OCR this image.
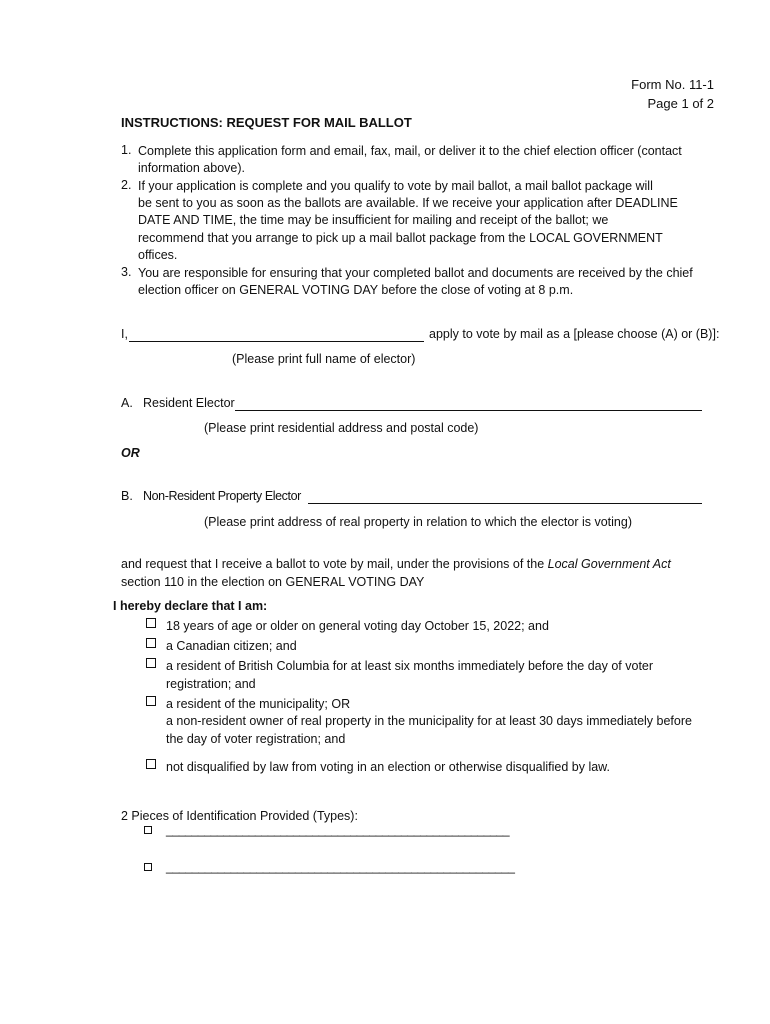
Form No. 11-1
Page 1 of 2
INSTRUCTIONS: REQUEST FOR MAIL BALLOT
1. Complete this application form and email, fax, mail, or deliver it to the chief election officer (contact
information above).
2. If your application is complete and you qualify to vote by mail ballot, a mail ballot package will
be sent to you as soon as the ballots are available. If we receive your application after DEADLINE
DATE AND TIME, the time may be insufficient for mailing and receipt of the ballot; we
recommend that you arrange to pick up a mail ballot package from the LOCAL GOVERNMENT
offices.
3. You are responsible for ensuring that your completed ballot and documents are received by the chief
election officer on GENERAL VOTING DAY before the close of voting at 8 p.m.
I,	apply to vote by mail as a [please choose (A) or (B)]:
(Please print full name of elector)
A. Resident Elector
(Please print residential address and postal code)
OR
B. Non-Resident Property Elector
(Please print address of real property in relation to which the elector is voting)
and request that I receive a ballot to vote by mail, under the provisions of the Local Government Act
section 110 in the election on GENERAL VOTING DAY
I hereby declare that I am:
18 years of age or older on general voting day October 15, 2022; and
a Canadian citizen; and
a resident of British Columbia for at least six months immediately before the day of voter
registration; and
a resident of the municipality; OR
a non-resident owner of real property in the municipality for at least 30 days immediately before
the day of voter registration; and
not disqualified by law from voting in an election or otherwise disqualified by law.
2 Pieces of Identification Provided (Types):
______________________________________________________
______________________________________________________
